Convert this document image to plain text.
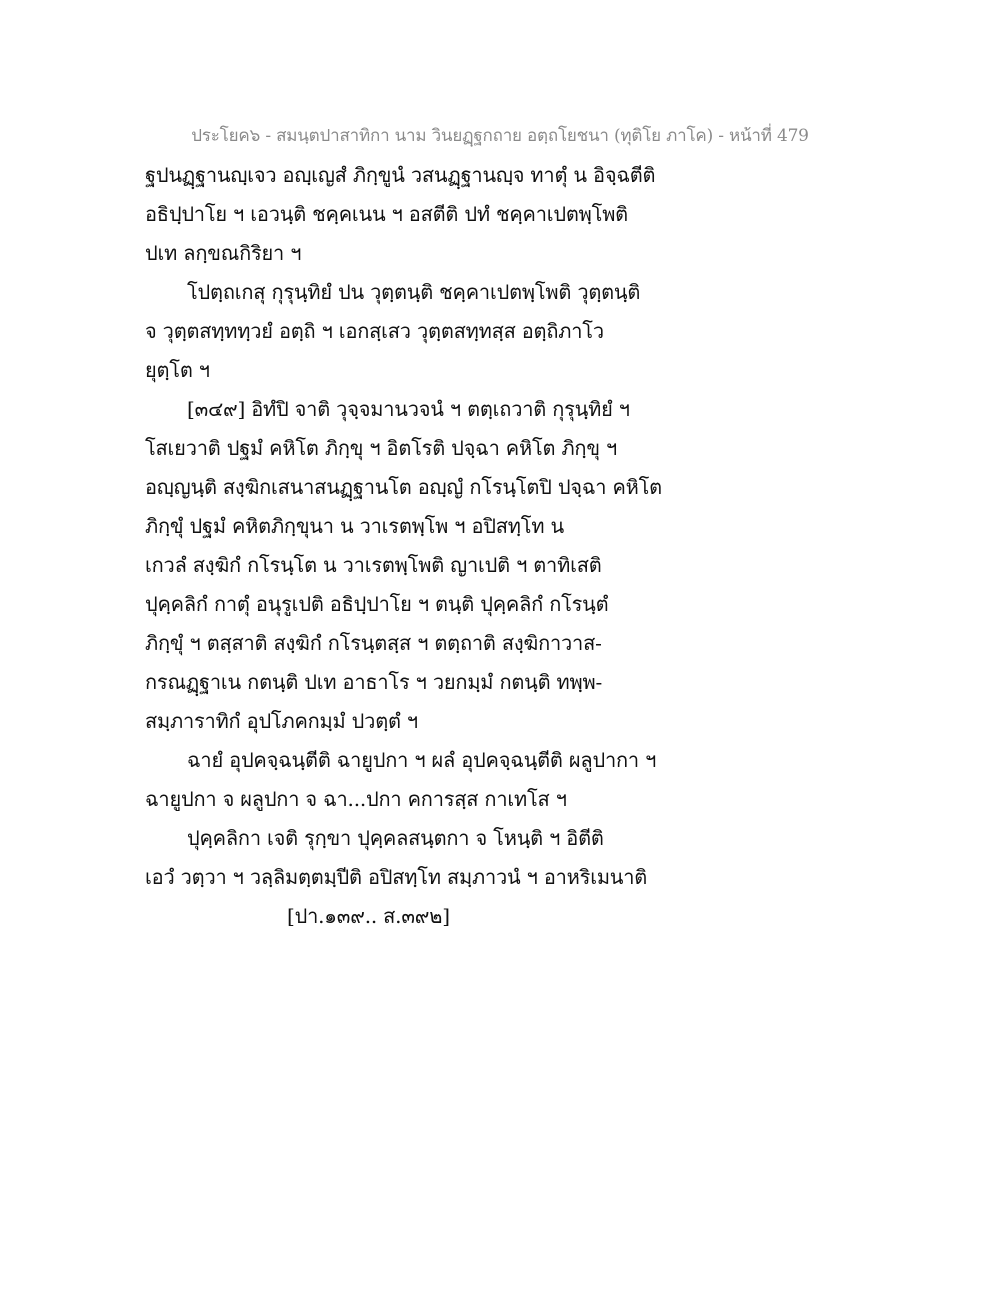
ประโยค๖ - สมนฺตปาสาทิกา นาม วินยฏฺฐกถาย อตฺถโยชนา (ทุติโย ภาโค) - หน้าที่ 479
ฐปนฏฺฐานญฺเจว อญฺเญสํ ภิกฺขูนํ วสนฏฺฐานญฺจ ทาตุํ น อิจฺฉตีติ
อธิปฺปาโย ฯ เอวนฺติ ชคฺคเนน ฯ อสตีติ ปทํ ชคฺคาเปตพฺโพติ
ปเท ลกฺขณกิริยา ฯ
โปตฺถเกสุ กุรุนฺทิยํ ปน วุตฺตนฺติ ชคฺคาเปตพฺโพติ วุตฺตนฺติ
จ วุตฺตสทฺททฺวยํ อตฺถิ ฯ เอกสฺเสว วุตฺตสทฺทสฺส อตฺถิภาโว
ยุตฺโต ฯ
[๓๔๙] อิทํปิ จาติ วุจฺจมานวจนํ ฯ ตตฺเถวาติ กุรุนฺทิยํ ฯ
โสเยวาติ ปฐมํ คหิโต ภิกฺขุ ฯ อิตโรติ ปจฺฉา คหิโต ภิกฺขุ ฯ
อญฺญนฺติ สงฺฆิกเสนาสนฏฺฐานโต อญฺญํ กโรนฺโตปิ ปจฺฉา คหิโต
ภิกฺขุํ ปฐมํ คหิตภิกฺขุนา น วาเรตพฺโพ ฯ อปิสทฺโท น
เกวลํ สงฺฆิกํ กโรนฺโต น วาเรตพฺโพติ ญาเปติ ฯ ตาทิเสติ
ปุคฺคลิกํ กาตุํ อนุรูเปติ อธิปฺปาโย ฯ ตนฺติ ปุคฺคลิกํ กโรนฺตํ
ภิกฺขุํ ฯ ตสฺสาติ สงฺฆิกํ กโรนฺตสฺส ฯ ตตฺถาติ สงฺฆิกาวาส-
กรณฏฺฐาเน กตนฺติ ปเท อาธาโร ฯ วยกมฺมํ กตนฺติ ทพฺพ-
สมฺภาราทิกํ อุปโภคกมฺมํ ปวตฺตํ ฯ
ฉายํ อุปคจฺฉนฺตีติ ฉายูปกา ฯ ผลํ อุปคจฺฉนฺตีติ ผลูปากา ฯ
ฉายูปกา จ ผลูปกา จ ฉา...ปกา คการสฺส กาเทโส ฯ
ปุคฺคลิกา เจติ รุกฺขา ปุคฺคลสนฺตกา จ โหนฺติ ฯ อิตีติ
เอวํ วตฺวา ฯ วลฺลิมตฺตมฺปีติ อปิสทฺโท สมฺภาวนํ ฯ อาหริเมนาติ
[ปา.๑๓๙.. ส.๓๙๒]
